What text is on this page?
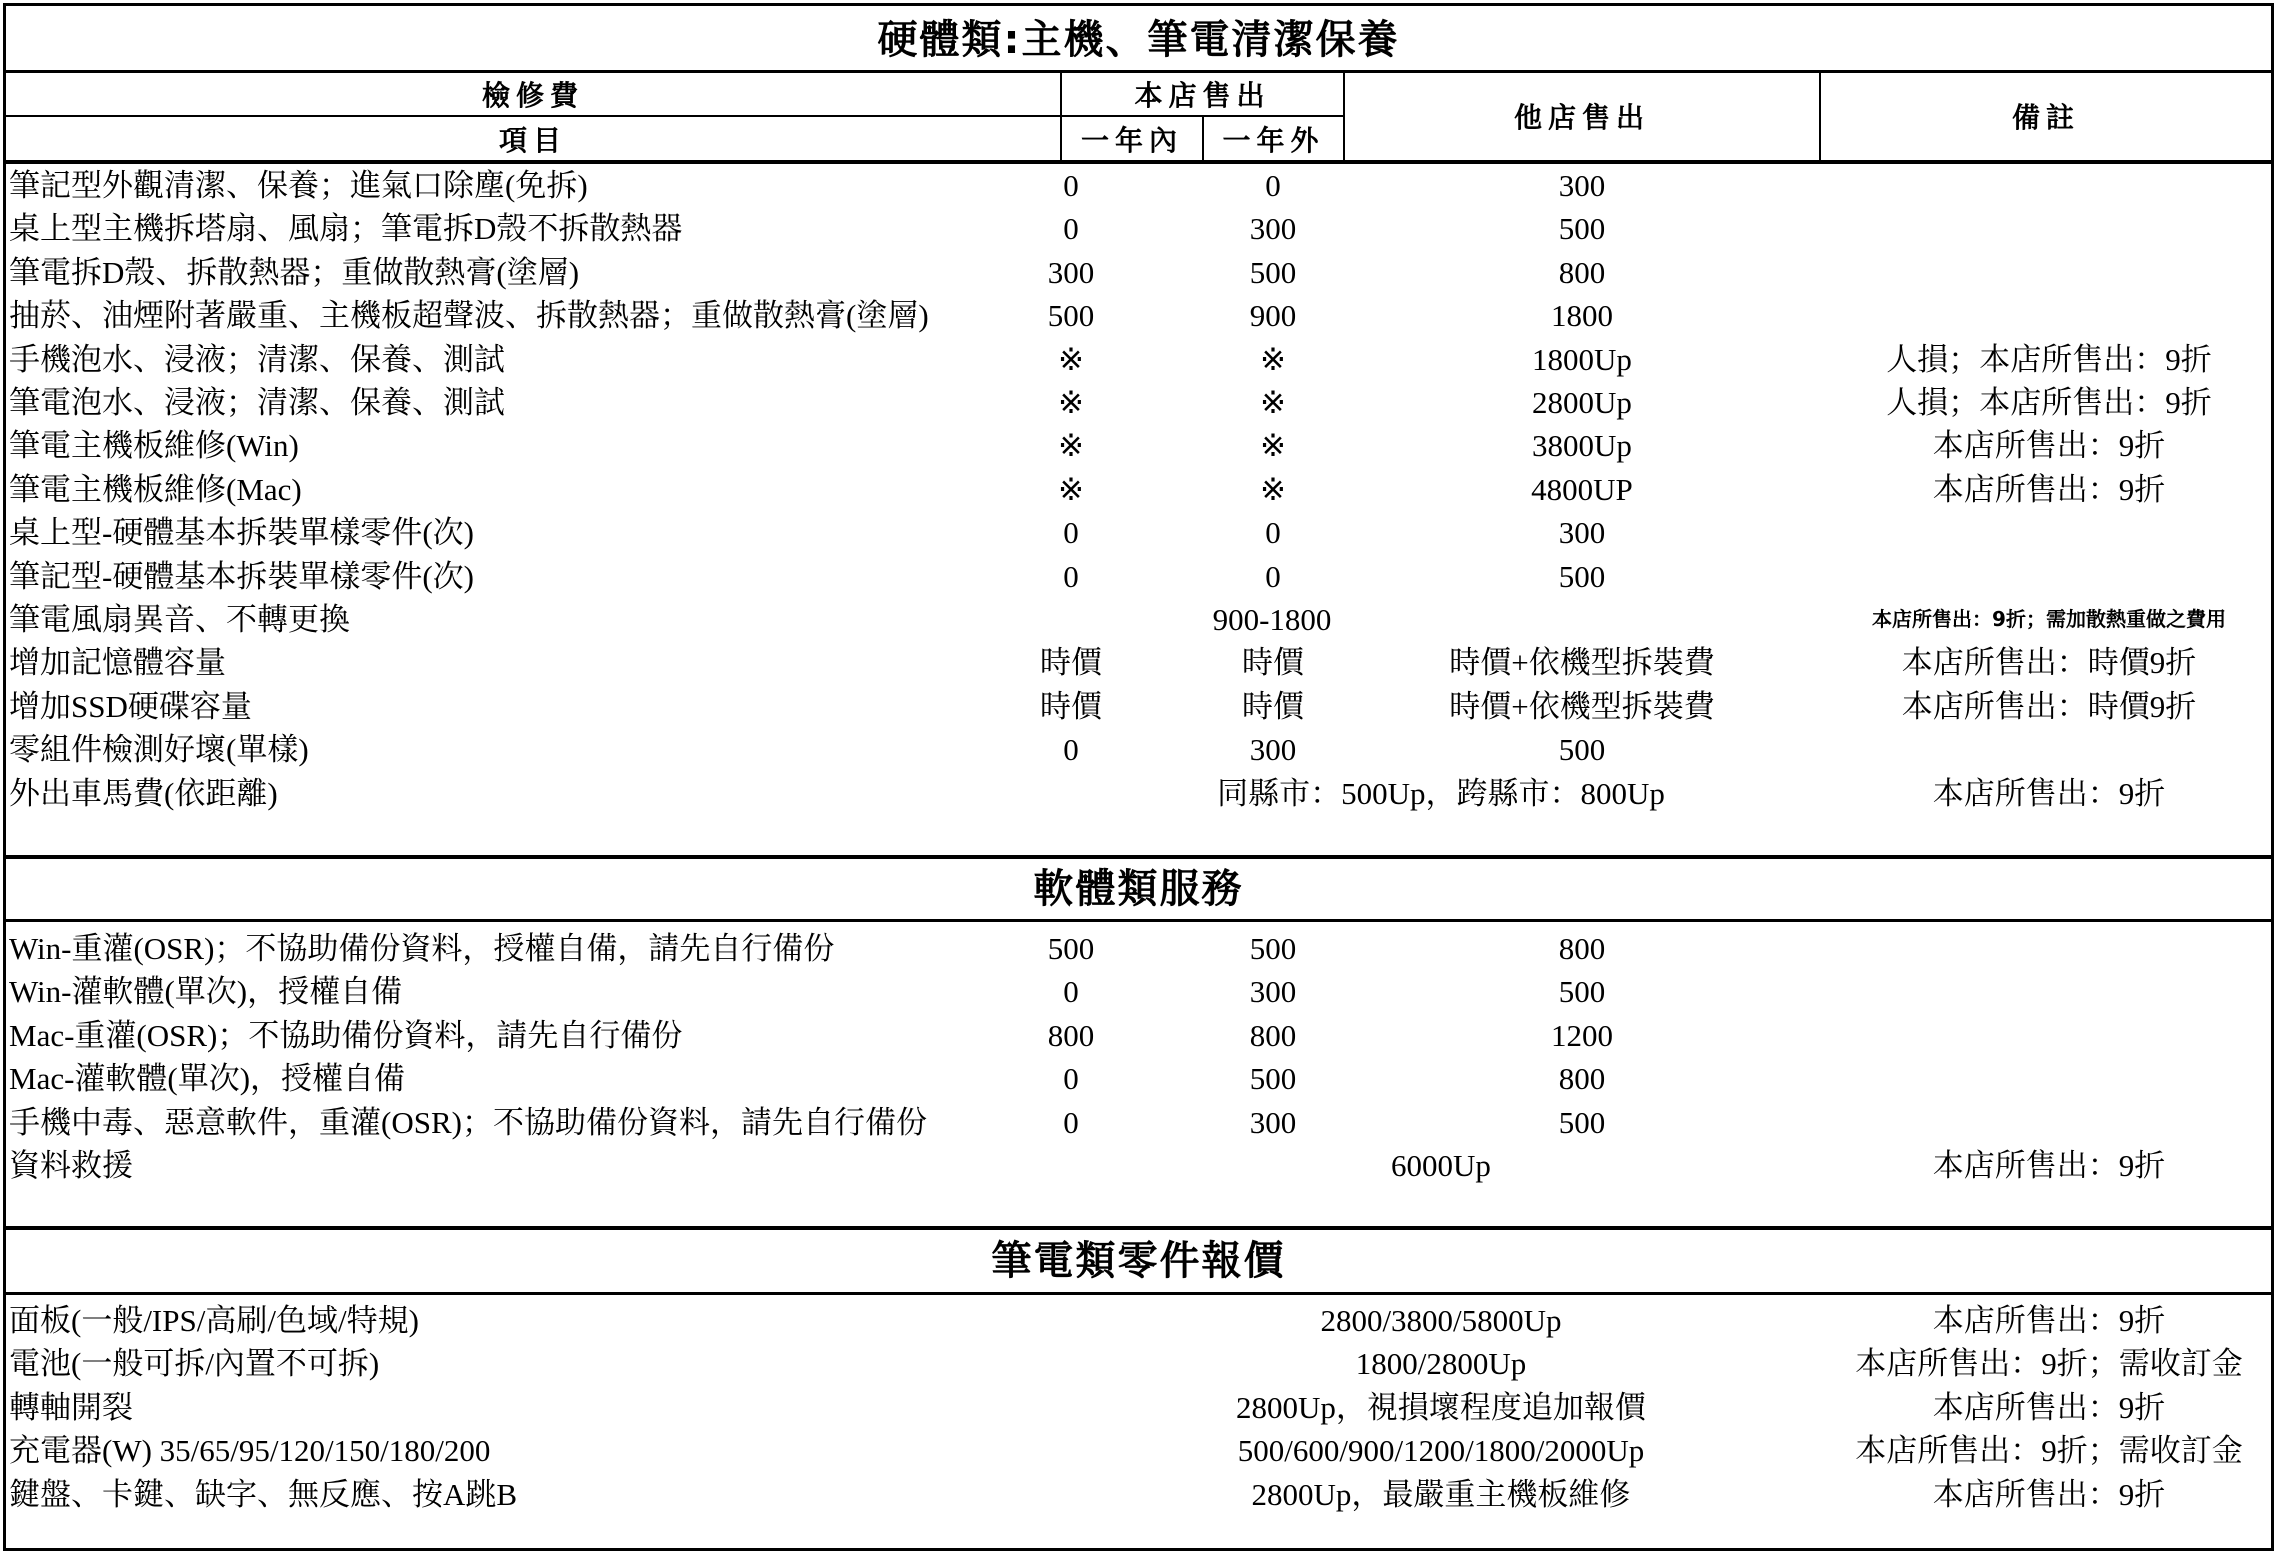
硬體類:主機、筆電清潔保養
檢修費
項目
本店售出
一年內	一年外
他店售出	備註
筆記型外觀清潔、保養；進氣口除塵(免拆)	0	0	300
桌上型主機拆塔扇、風扇；筆電拆D殼不拆散熱器	0	300	500
筆電拆D殼、拆散熱器；重做散熱膏(塗層)	300	500	800
抽菸、油煙附著嚴重、主機板超聲波、拆散熱器；重做散熱膏(塗層)	500	900	1800
手機泡水、浸液；清潔、保養、測試	※	※	1800Up	人損；本店所售出：9折
筆電泡水、浸液；清潔、保養、測試	※	※	2800Up	人損；本店所售出：9折
筆電主機板維修(Win)	※	※	3800Up	本店所售出：9折
筆電主機板維修(Mac)	※	※	4800UP	本店所售出：9折
桌上型-硬體基本拆裝單樣零件(次)	0	0	300
筆記型-硬體基本拆裝單樣零件(次)	0	0	500
筆電風扇異音、不轉更換	900-1800	本店所售出：9折；需加散熱重做之費用
增加記憶體容量	時價	時價	時價+依機型拆裝費	本店所售出：時價9折
增加SSD硬碟容量	時價	時價	時價+依機型拆裝費	本店所售出：時價9折
零組件檢測好壞(單樣)	0	300	500
外出車馬費(依距離)	同縣市：500Up，跨縣市：800Up	本店所售出：9折
軟體類服務
Win-重灌(OSR)；不協助備份資料，授權自備，請先自行備份	500	500	800
Win-灌軟體(單次)，授權自備	0	300	500
Mac-重灌(OSR)；不協助備份資料，請先自行備份	800	800	1200
Mac-灌軟體(單次)，授權自備	0	500	800
手機中毒、惡意軟件，重灌(OSR)；不協助備份資料，請先自行備份	0	300	500
資料救援	6000Up	本店所售出：9折
筆電類零件報價
面板(一般/IPS/高刷/色域/特規)	2800/3800/5800Up	本店所售出：9折
電池(一般可拆/內置不可拆)	1800/2800Up	本店所售出：9折；需收訂金
轉軸開裂	2800Up，視損壞程度追加報價	本店所售出：9折
充電器(W) 35/65/95/120/150/180/200	500/600/900/1200/1800/2000Up	本店所售出：9折；需收訂金
鍵盤、卡鍵、缺字、無反應、按A跳B	2800Up，最嚴重主機板維修	本店所售出：9折
